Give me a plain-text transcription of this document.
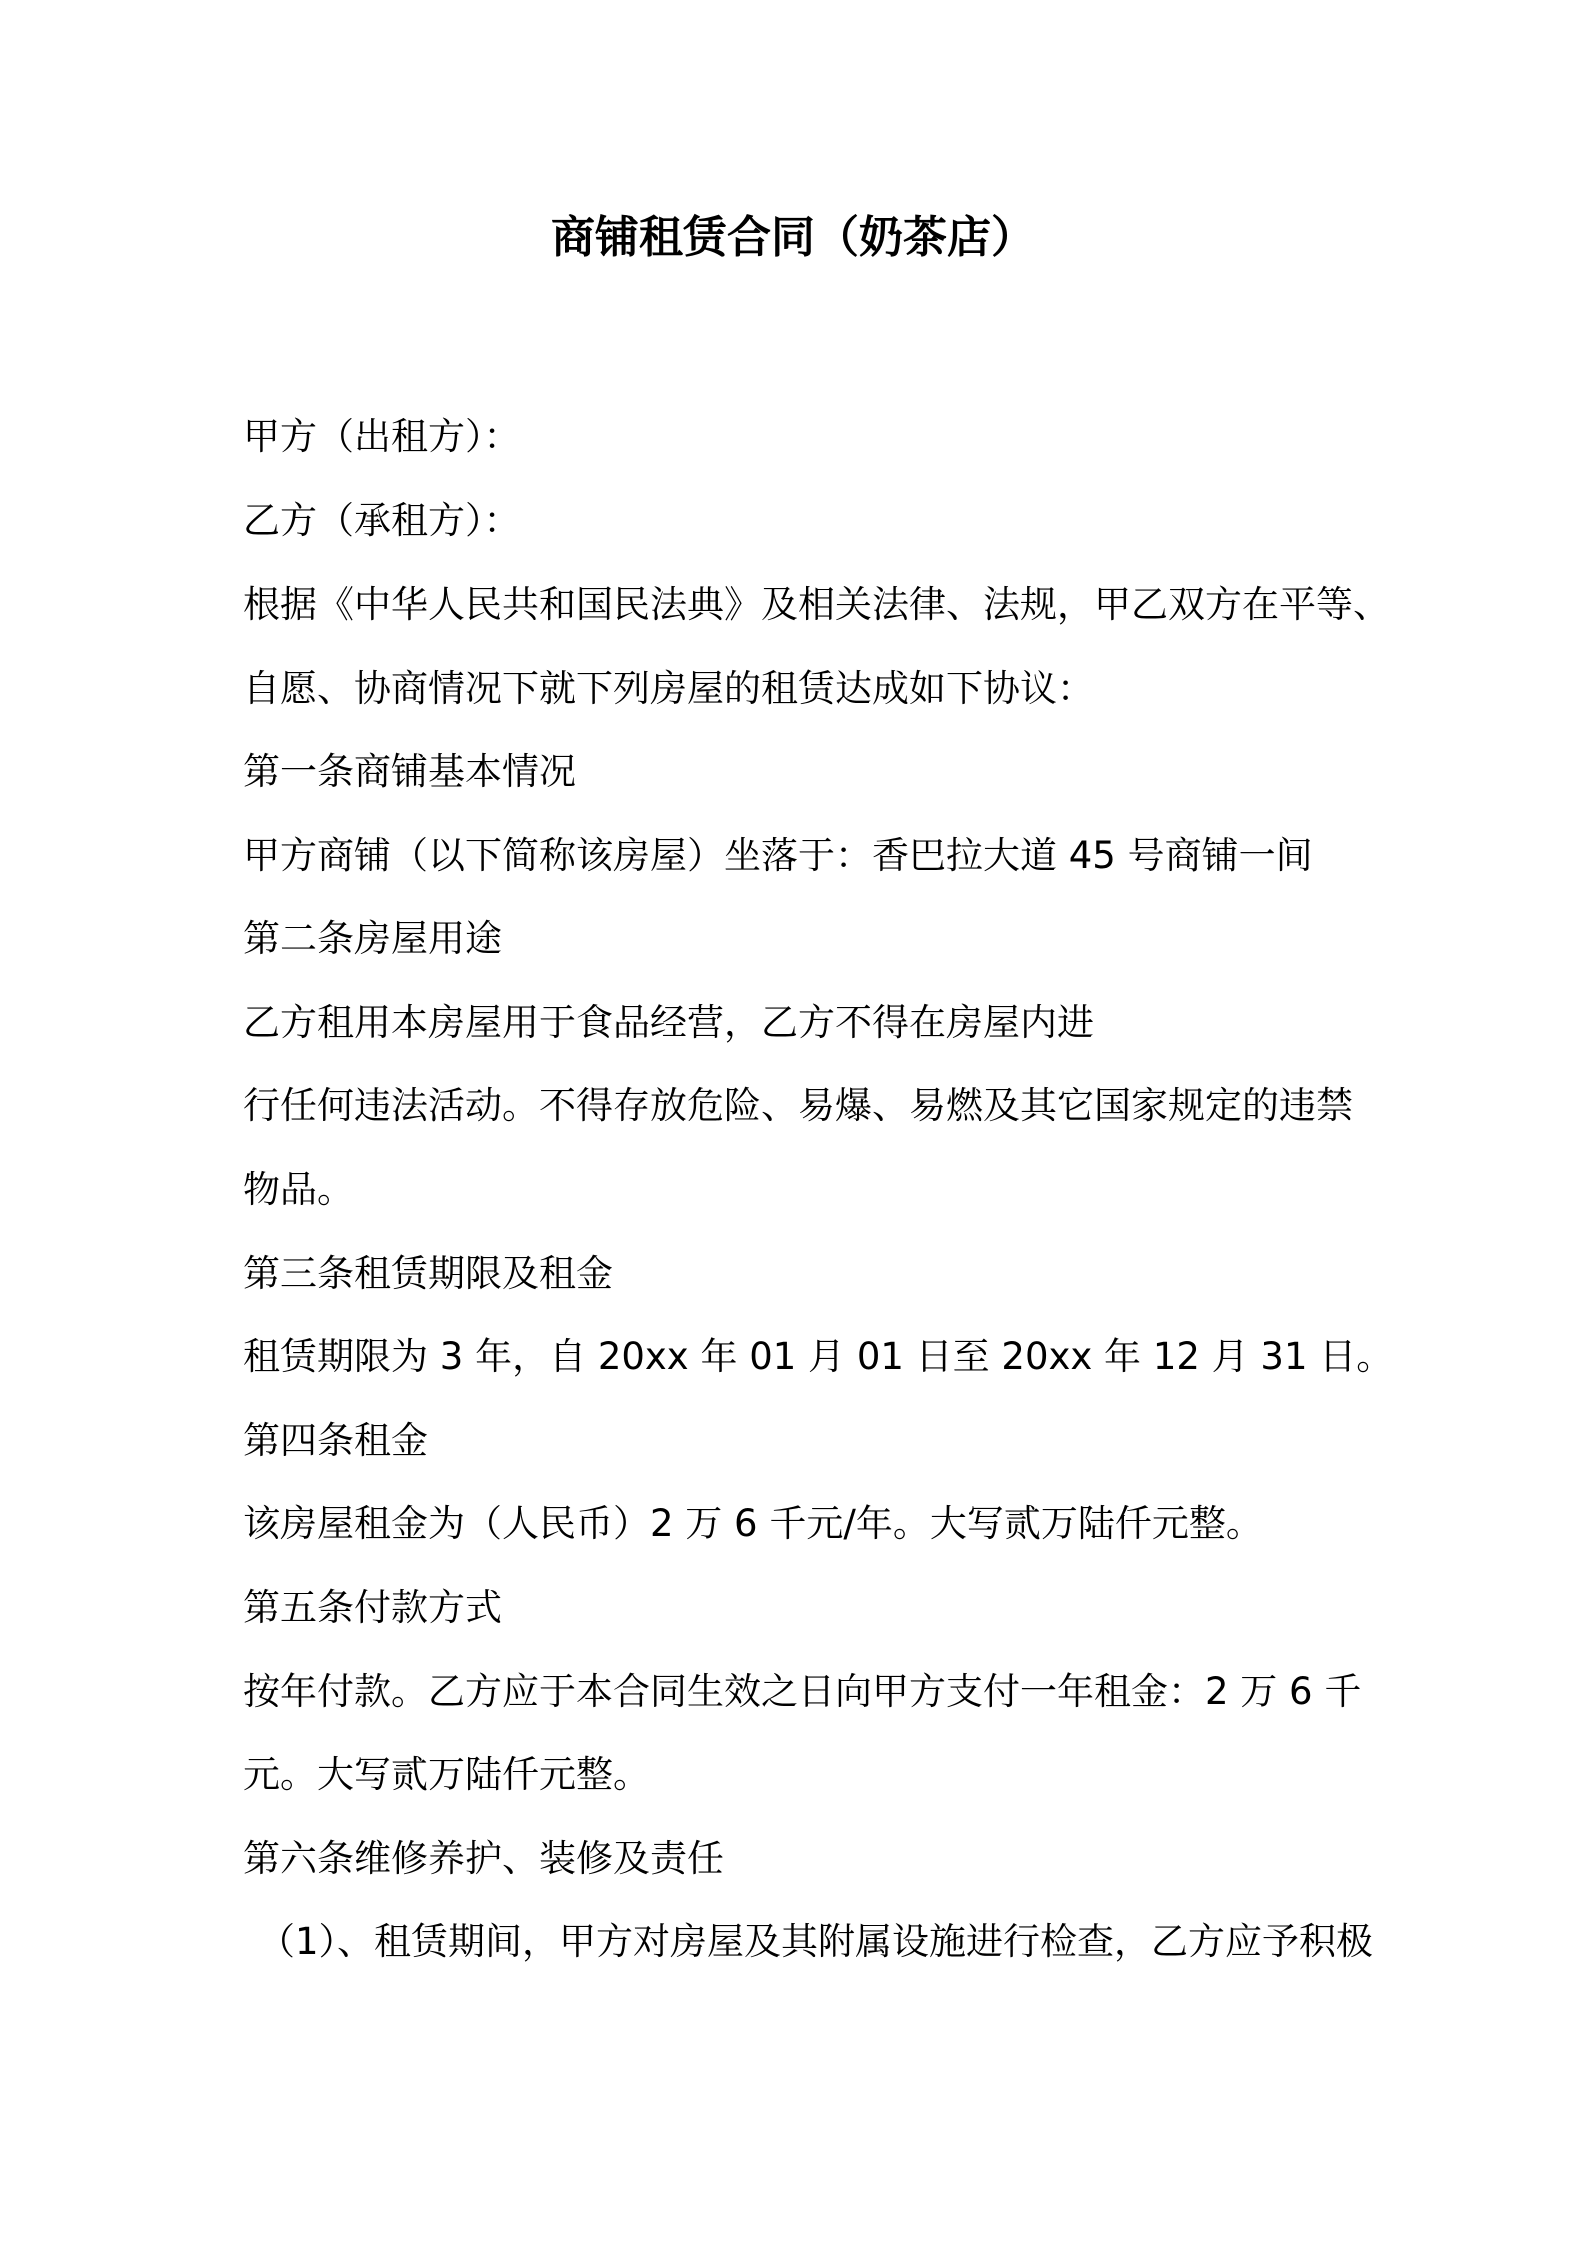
商铺租赁合同（奶茶店）

甲方（出租方）：

乙方（承租方）：

根据《中华人民共和国民法典》及相关法律、法规，甲乙双方在平等、

自愿、协商情况下就下列房屋的租赁达成如下协议：

第一条商铺基本情况

甲方商铺（以下简称该房屋）坐落于：香巴拉大道 45 号商铺一间

第二条房屋用途

乙方租用本房屋用于食品经营，乙方不得在房屋内进

行任何违法活动。不得存放危险、易爆、易燃及其它国家规定的违禁

物品。

第三条租赁期限及租金

租赁期限为 3 年，自 20xx 年 01 月 01 日至 20xx 年 12 月 31 日。

第四条租金

该房屋租金为（人民币）2 万 6 千元/年。大写贰万陆仟元整。

第五条付款方式

按年付款。乙方应于本合同生效之日向甲方支付一年租金：2 万 6 千

元。大写贰万陆仟元整。

第六条维修养护、装修及责任

（1）、租赁期间，甲方对房屋及其附属设施进行检查，乙方应予积极
